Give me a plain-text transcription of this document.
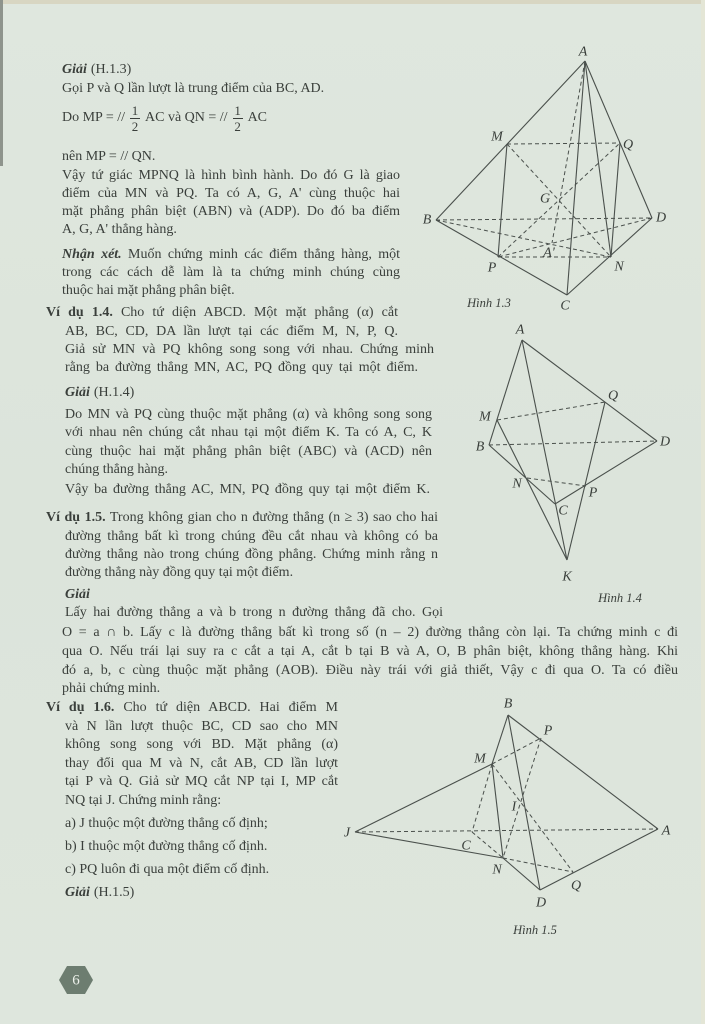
Giải (H.1.3)
Gọi P và Q lần lượt là trung điểm của BC, AD.
Do MP = // $\frac{1}{2}$ AC và QN = // $\frac{1}{2}$ AC
nên MP = // QN.
Vậy tứ giác MPNQ là hình bình hành. Do đó G là giao
điểm của MN và PQ. Ta có A, G, A' cùng thuộc hai
mặt phẳng phân biệt (ABN) và (ADP). Do đó ba điểm
A, G, A' thẳng hàng.
Nhận xét. Muốn chứng minh các điểm thẳng hàng, một
trong các cách dễ làm là ta chứng minh chúng cùng
thuộc hai mặt phẳng phân biệt.
Ví dụ 1.4. Cho tứ diện ABCD. Một mặt phẳng (α) cắt
AB, BC, CD, DA lần lượt tại các điểm M, N, P, Q.
Giả sử MN và PQ không song song với nhau. Chứng minh
rằng ba đường thẳng MN, AC, PQ đồng quy tại một điểm.
Giải (H.1.4)
Do MN và PQ cùng thuộc mặt phẳng (α) và không song song
với nhau nên chúng cắt nhau tại một điểm K. Ta có A, C, K
cùng thuộc hai mặt phẳng phân biệt (ABC) và (ACD) nên
chúng thẳng hàng.
Vậy ba đường thẳng AC, MN, PQ đồng quy tại một điểm K.
Ví dụ 1.5. Trong không gian cho n đường thẳng (n ≥ 3) sao cho hai
đường thẳng bất kì trong chúng đều cắt nhau và không có ba
đường thẳng nào trong chúng đồng phẳng. Chứng minh rằng n
đường thẳng này đồng quy tại một điểm.
Giải
Lấy hai đường thẳng a và b trong n đường thẳng đã cho. Gọi
O = a ∩ b. Lấy c là đường thẳng bất kì trong số (n – 2) đường thẳng còn lại. Ta chứng minh c đi
qua O. Nếu trái lại suy ra c cắt a tại A, cắt b tại B và A, O, B phân biệt, không thẳng hàng. Khi
đó a, b, c cùng thuộc mặt phẳng (AOB). Điều này trái với giả thiết, Vậy c đi qua O. Ta có điều
phải chứng minh.
Ví dụ 1.6. Cho tứ diện ABCD. Hai điểm M
và N lần lượt thuộc BC, CD sao cho MN
không song song với BD. Mặt phẳng (α)
thay đổi qua M và N, cắt AB, CD lần lượt
tại P và Q. Giả sử MQ cắt NP tại I, MP cắt
NQ tại J. Chứng minh rằng:
a) J thuộc một đường thẳng cố định;
b) I thuộc một đường thẳng cố định.
c) PQ luôn đi qua một điểm cố định.
Giải (H.1.5)
A
M
Q
G
B	D
A'
P	N
C
Hình 1.3
A
Q
M
B	D
N
P
C
K
Hình 1.4
B
P
M
I
J
C
A
N
Q
D
Hình 1.5
6
